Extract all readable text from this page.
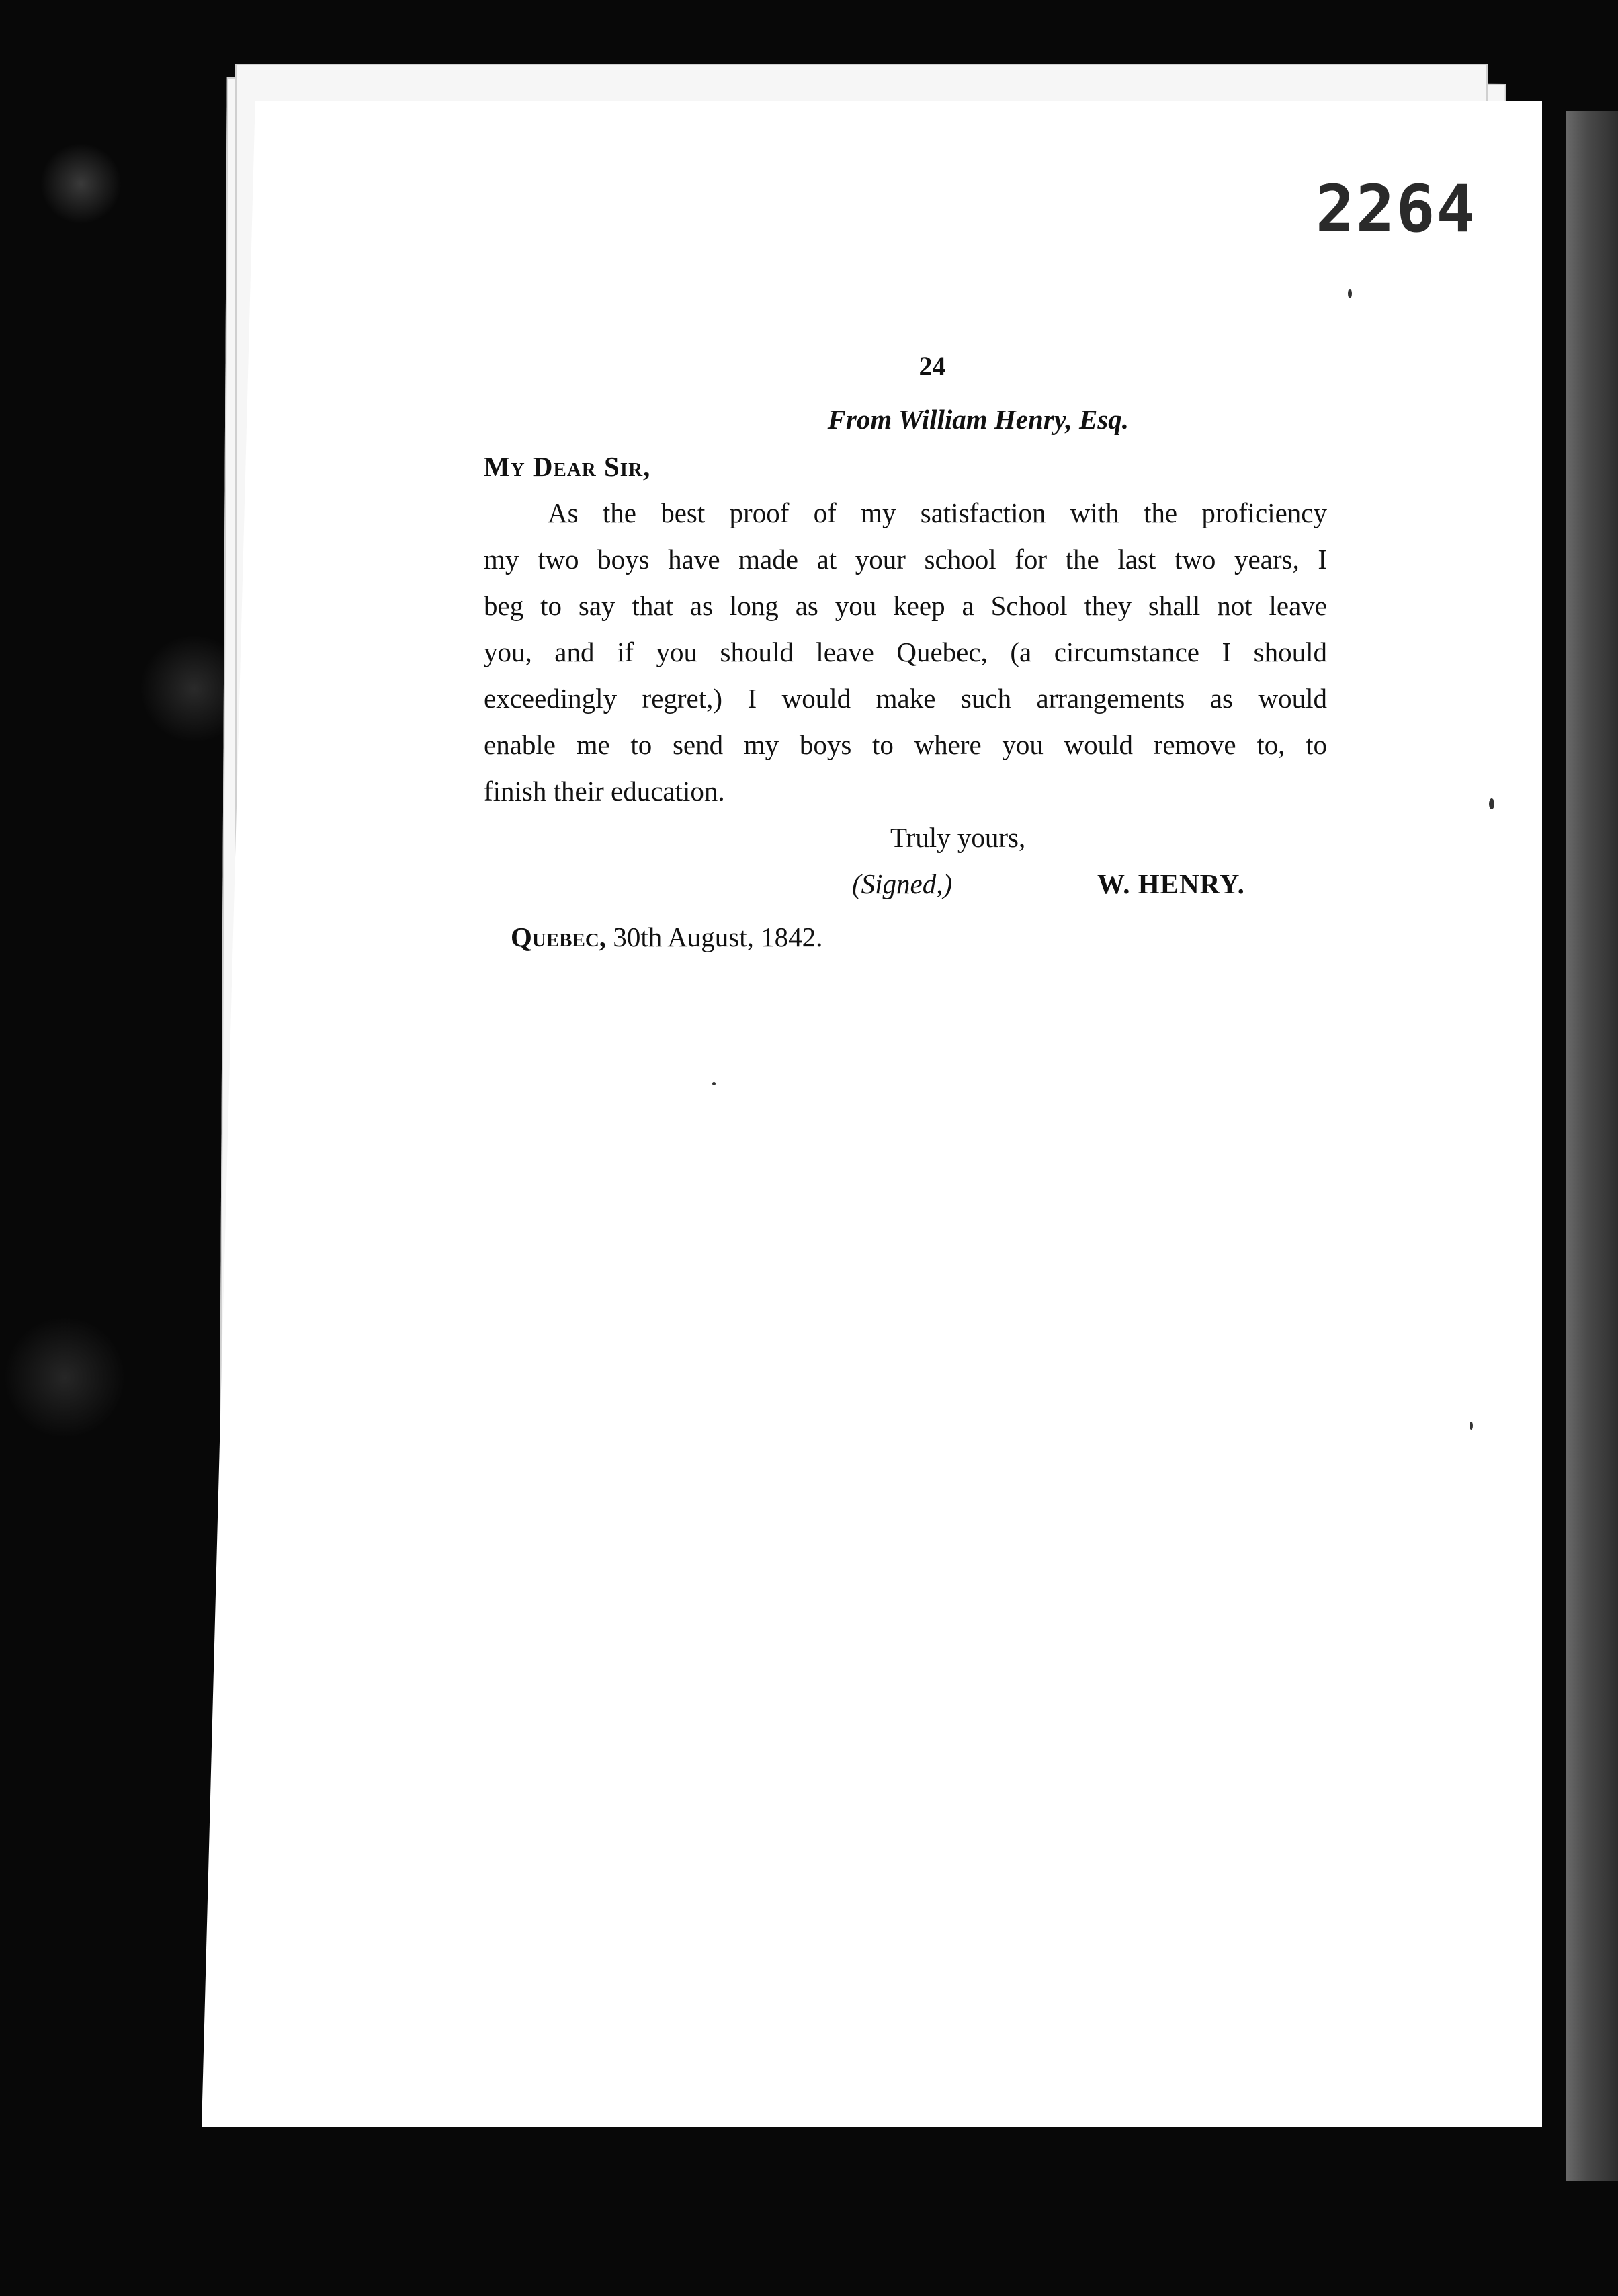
2264

24

From William Henry, Esq.

My Dear Sir,

As the best proof of my satisfaction with the proficiency

my two boys have made at your school for the last two years, I

beg to say that as long as you keep a School they shall not leave

you, and if you should leave Quebec, (a circumstance I should

exceedingly regret,) I would make such arrangements as would

enable me to send my boys to where you would remove to, to

finish their education.

Truly yours,

(Signed,)	W. HENRY.

Quebec, 30th August, 1842.
